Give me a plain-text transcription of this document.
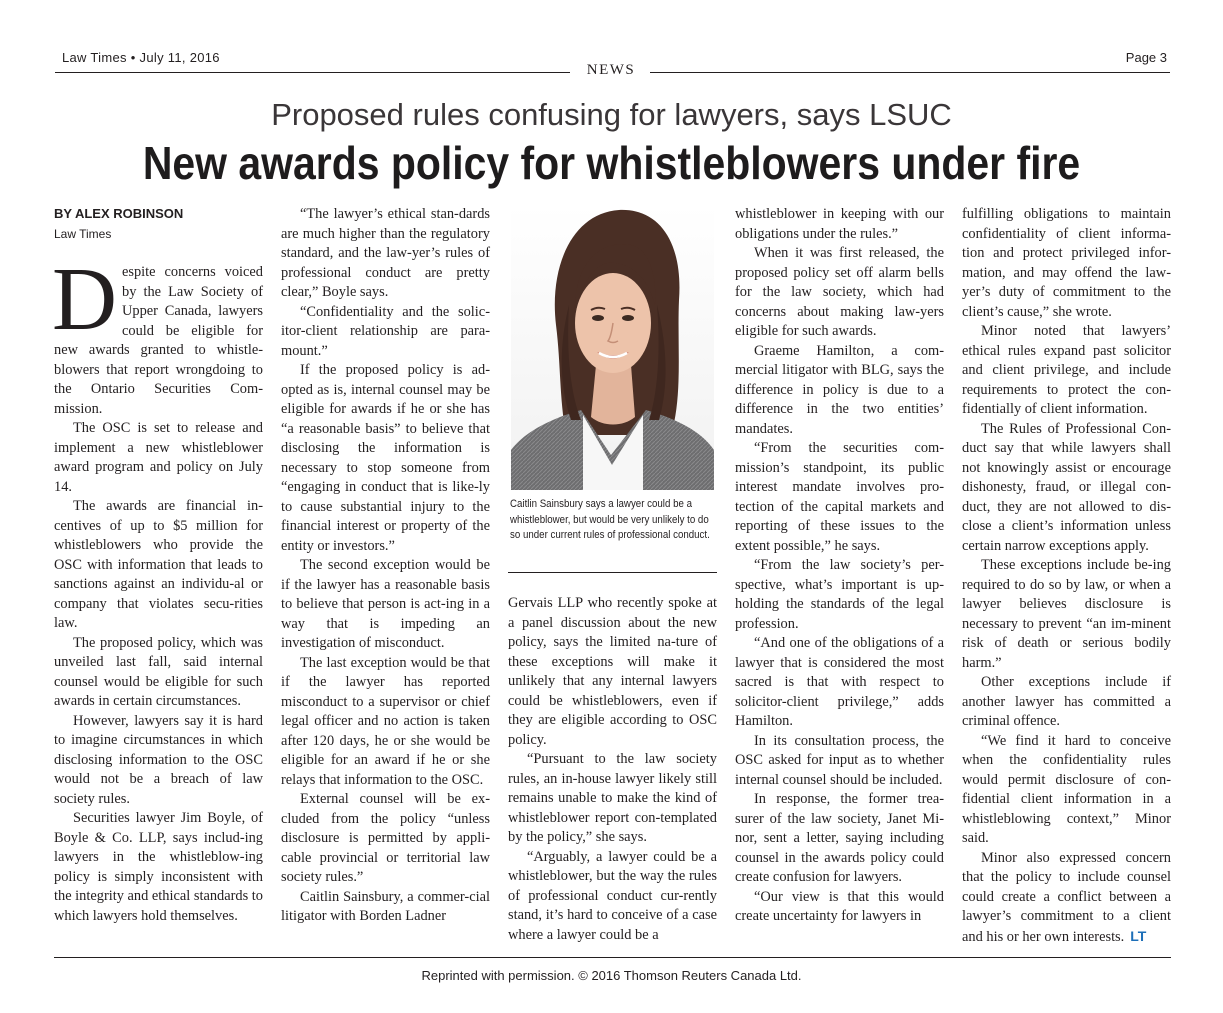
Law Times • July 11, 2016
NEWS
Page 3
Proposed rules confusing for lawyers, says LSUC
New awards policy for whistleblowers under fire
BY ALEX ROBINSON
Law Times

Despite concerns voiced by the Law Society of Upper Canada, lawyers could be eligible for new awards granted to whistle-blowers that report wrongdoing to the Ontario Securities Com-mission.

The OSC is set to release and implement a new whistleblower award program and policy on July 14.

The awards are financial in-centives of up to $5 million for whistleblowers who provide the OSC with information that leads to sanctions against an individu-al or company that violates secu-rities law.

The proposed policy, which was unveiled last fall, said internal counsel would be eligible for such awards in certain circumstances.

However, lawyers say it is hard to imagine circumstances in which disclosing information to the OSC would not be a breach of law society rules.

Securities lawyer Jim Boyle, of Boyle & Co. LLP, says includ-ing lawyers in the whistleblow-ing policy is simply inconsistent with the integrity and ethical standards to which lawyers hold themselves.

“The lawyer’s ethical stan-dards are much higher than the regulatory standard, and the law-yer’s rules of professional conduct are pretty clear,” Boyle says.

“Confidentiality and the solic-itor-client relationship are para-mount.”

If the proposed policy is ad-opted as is, internal counsel may be eligible for awards if he or she has “a reasonable basis” to believe that disclosing the information is necessary to stop someone from “engaging in conduct that is like-ly to cause substantial injury to the financial interest or property of the entity or investors.”

The second exception would be if the lawyer has a reasonable basis to believe that person is act-ing in a way that is impeding an investigation of misconduct.

The last exception would be that if the lawyer has reported misconduct to a supervisor or chief legal officer and no action is taken after 120 days, he or she would be eligible for an award if he or she relays that information to the OSC.

External counsel will be ex-cluded from the policy “unless disclosure is permitted by appli-cable provincial or territorial law society rules.”

Caitlin Sainsbury, a commer-cial litigator with Borden Ladner

Caitlin Sainsbury says a lawyer could be a whistleblower, but would be very unlikely to do so under current rules of professional conduct.

Gervais LLP who recently spoke at a panel discussion about the new policy, says the limited na-ture of these exceptions will make it unlikely that any internal lawyers could be whistleblowers, even if they are eligible according to OSC policy.

“Pursuant to the law society rules, an in-house lawyer likely still remains unable to make the kind of whistleblower report con-templated by the policy,” she says.

“Arguably, a lawyer could be a whistleblower, but the way the rules of professional conduct cur-rently stand, it’s hard to conceive of a case where a lawyer could be a

whistleblower in keeping with our obligations under the rules.”

When it was first released, the proposed policy set off alarm bells for the law society, which had concerns about making law-yers eligible for such awards.

Graeme Hamilton, a com-mercial litigator with BLG, says the difference in policy is due to a difference in the two entities’ mandates.

“From the securities com-mission’s standpoint, its public interest mandate involves pro-tection of the capital markets and reporting of these issues to the extent possible,” he says.

“From the law society’s per-spective, what’s important is up-holding the standards of the legal profession.

“And one of the obligations of a lawyer that is considered the most sacred is that with respect to solicitor-client privilege,” adds Hamilton.

In its consultation process, the OSC asked for input as to whether internal counsel should be included.

In response, the former trea-surer of the law society, Janet Mi-nor, sent a letter, saying including counsel in the awards policy could create confusion for lawyers.

“Our view is that this would create uncertainty for lawyers in

fulfilling obligations to maintain confidentiality of client informa-tion and protect privileged infor-mation, and may offend the law-yer’s duty of commitment to the client’s cause,” she wrote.

Minor noted that lawyers’ ethical rules expand past solicitor and client privilege, and include requirements to protect the con-fidentially of client information.

The Rules of Professional Con-duct say that while lawyers shall not knowingly assist or encourage dishonesty, fraud, or illegal con-duct, they are not allowed to dis-close a client’s information unless certain narrow exceptions apply.

These exceptions include be-ing required to do so by law, or when a lawyer believes disclosure is necessary to prevent “an im-minent risk of death or serious bodily harm.”

Other exceptions include if another lawyer has committed a criminal offence.

“We find it hard to conceive when the confidentiality rules would permit disclosure of con-fidential client information in a whistleblowing context,” Minor said.

Minor also expressed concern that the policy to include counsel could create a conflict between a lawyer’s commitment to a client and his or her own interests. LT

Reprinted with permission. © 2016 Thomson Reuters Canada Ltd.
